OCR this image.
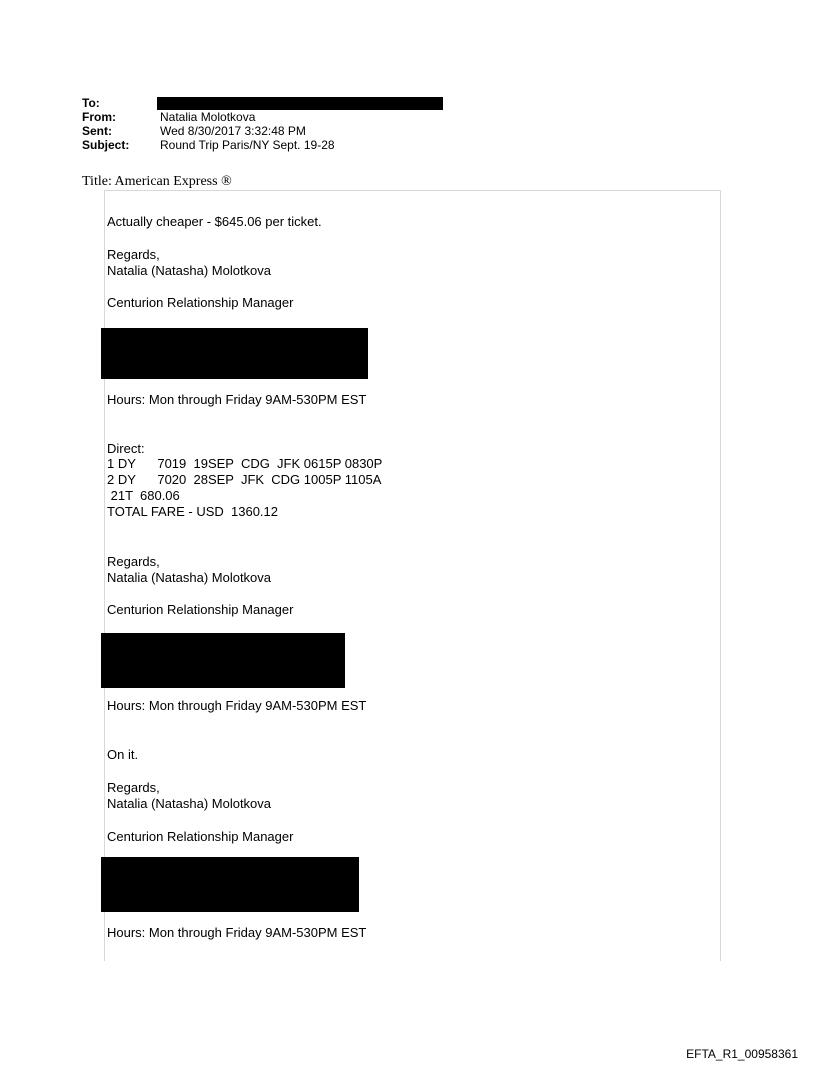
To:
From:	Natalia Molotkova
Sent:	Wed 8/30/2017 3:32:48 PM
Subject:	Round Trip Paris/NY Sept. 19-28
Title: American Express ®
Actually cheaper - $645.06 per ticket.
Regards,
Natalia (Natasha) Molotkova
Centurion Relationship Manager
Hours: Mon through Friday 9AM-530PM EST
Direct:
1 DY      7019  19SEP  CDG  JFK 0615P 0830P
2 DY      7020  28SEP  JFK  CDG 1005P 1105A
21T  680.06
TOTAL FARE - USD  1360.12
Regards,
Natalia (Natasha) Molotkova
Centurion Relationship Manager
Hours: Mon through Friday 9AM-530PM EST
On it.
Regards,
Natalia (Natasha) Molotkova
Centurion Relationship Manager
Hours: Mon through Friday 9AM-530PM EST
EFTA_R1_00958361
